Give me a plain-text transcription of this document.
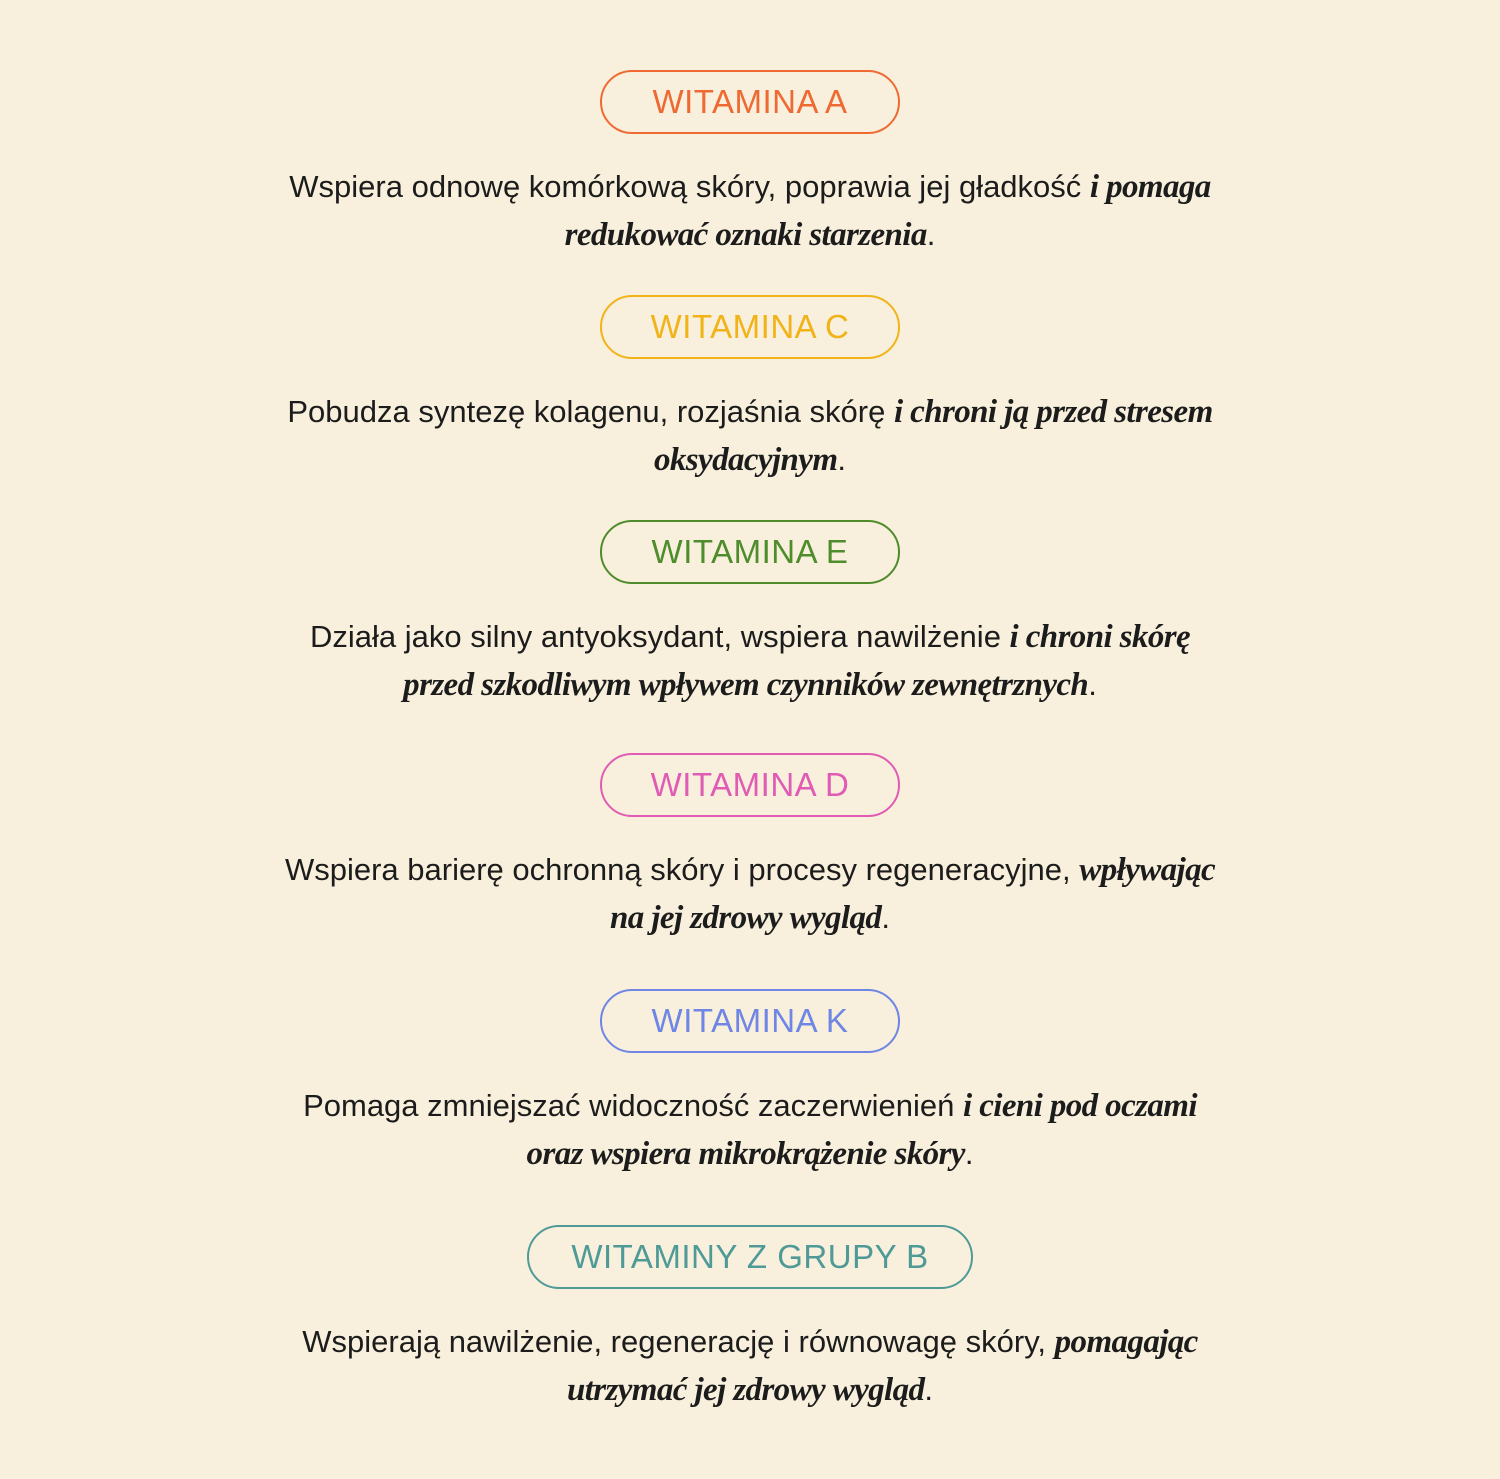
WITAMINA A
Wspiera odnowę komórkową skóry, poprawia jej gładkość i pomaga
redukować oznaki starzenia.
WITAMINA C
Pobudza syntezę kolagenu, rozjaśnia skórę i chroni ją przed stresem
oksydacyjnym.
WITAMINA E
Działa jako silny antyoksydant, wspiera nawilżenie i chroni skórę
przed szkodliwym wpływem czynników zewnętrznych.
WITAMINA D
Wspiera barierę ochronną skóry i procesy regeneracyjne, wpływając
na jej zdrowy wygląd.
WITAMINA K
Pomaga zmniejszać widoczność zaczerwienień i cieni pod oczami
oraz wspiera mikrokrążenie skóry.
WITAMINY Z GRUPY B
Wspierają nawilżenie, regenerację i równowagę skóry, pomagając
utrzymać jej zdrowy wygląd.
